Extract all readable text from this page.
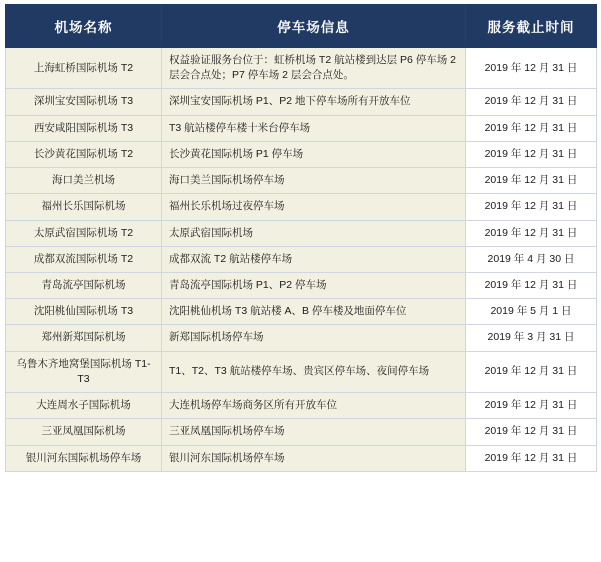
机场名称	停车场信息	服务截止时间
上海虹桥国际机场 T2	权益验证服务台位于：虹桥机场 T2 航站楼到达层 P6 停车场 2 层会合点处；P7 停车场 2 层会合点处。	2019 年 12 月 31 日
深圳宝安国际机场 T3	深圳宝安国际机场 P1、P2 地下停车场所有开放车位	2019 年 12 月 31 日
西安咸阳国际机场 T3	T3 航站楼停车楼十米台停车场	2019 年 12 月 31 日
长沙黄花国际机场 T2	长沙黄花国际机场 P1 停车场	2019 年 12 月 31 日
海口美兰机场	海口美兰国际机场停车场	2019 年 12 月 31 日
福州长乐国际机场	福州长乐机场过夜停车场	2019 年 12 月 31 日
太原武宿国际机场 T2	太原武宿国际机场	2019 年 12 月 31 日
成都双流国际机场 T2	成都双流 T2 航站楼停车场	2019 年 4 月 30 日
青岛流亭国际机场	青岛流亭国际机场 P1、P2 停车场	2019 年 12 月 31 日
沈阳桃仙国际机场 T3	沈阳桃仙机场 T3 航站楼 A、B 停车楼及地面停车位	2019 年 5 月 1 日
郑州新郑国际机场	新郑国际机场停车场	2019 年 3 月 31 日
乌鲁木齐地窝堡国际机场 T1-T3	T1、T2、T3 航站楼停车场、贵宾区停车场、夜间停车场	2019 年 12 月 31 日
大连周水子国际机场	大连机场停车场商务区所有开放车位	2019 年 12 月 31 日
三亚凤凰国际机场	三亚凤凰国际机场停车场	2019 年 12 月 31 日
银川河东国际机场停车场	银川河东国际机场停车场	2019 年 12 月 31 日
